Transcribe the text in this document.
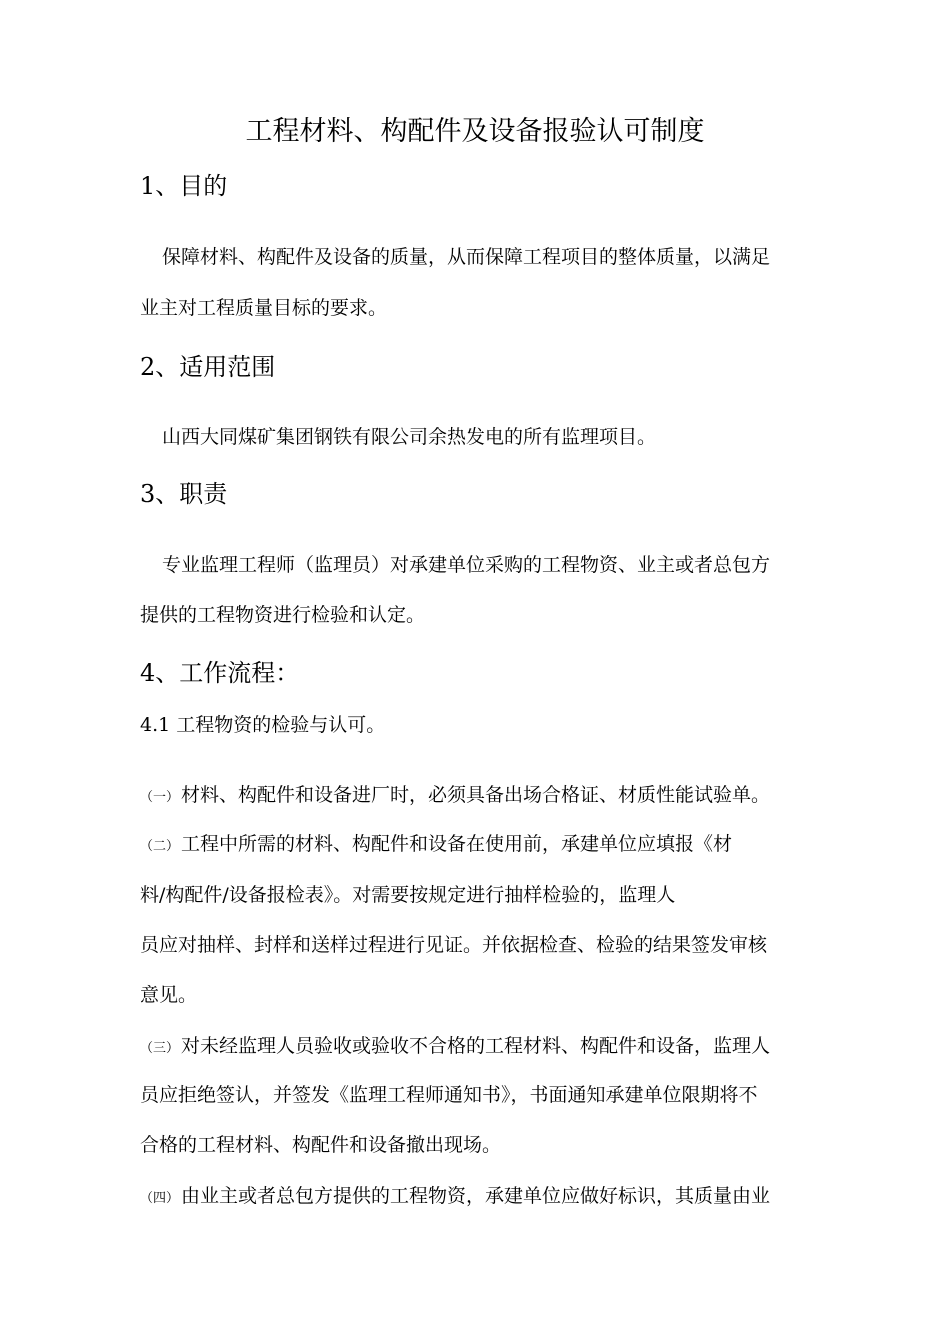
工程材料、构配件及设备报验认可制度
1、目的
保障材料、构配件及设备的质量，从而保障工程项目的整体质量，以满足
业主对工程质量目标的要求。
2、适用范围
山西大同煤矿集团钢铁有限公司余热发电的所有监理项目。
3、职责
专业监理工程师（监理员）对承建单位采购的工程物资、业主或者总包方
提供的工程物资进行检验和认定。
4、工作流程：
4.1 工程物资的检验与认可。
（一） 材料、构配件和设备进厂时，必须具备出场合格证、材质性能试验单。
（二） 工程中所需的材料、构配件和设备在使用前，承建单位应填报《材
料/构配件/设备报检表》。对需要按规定进行抽样检验的，监理人
员应对抽样、封样和送样过程进行见证。并依据检查、检验的结果签发审核
意见。
（三） 对未经监理人员验收或验收不合格的工程材料、构配件和设备，监理人
员应拒绝签认，并签发《监理工程师通知书》，书面通知承建单位限期将不
合格的工程材料、构配件和设备撤出现场。
（四） 由业主或者总包方提供的工程物资，承建单位应做好标识，其质量由业
